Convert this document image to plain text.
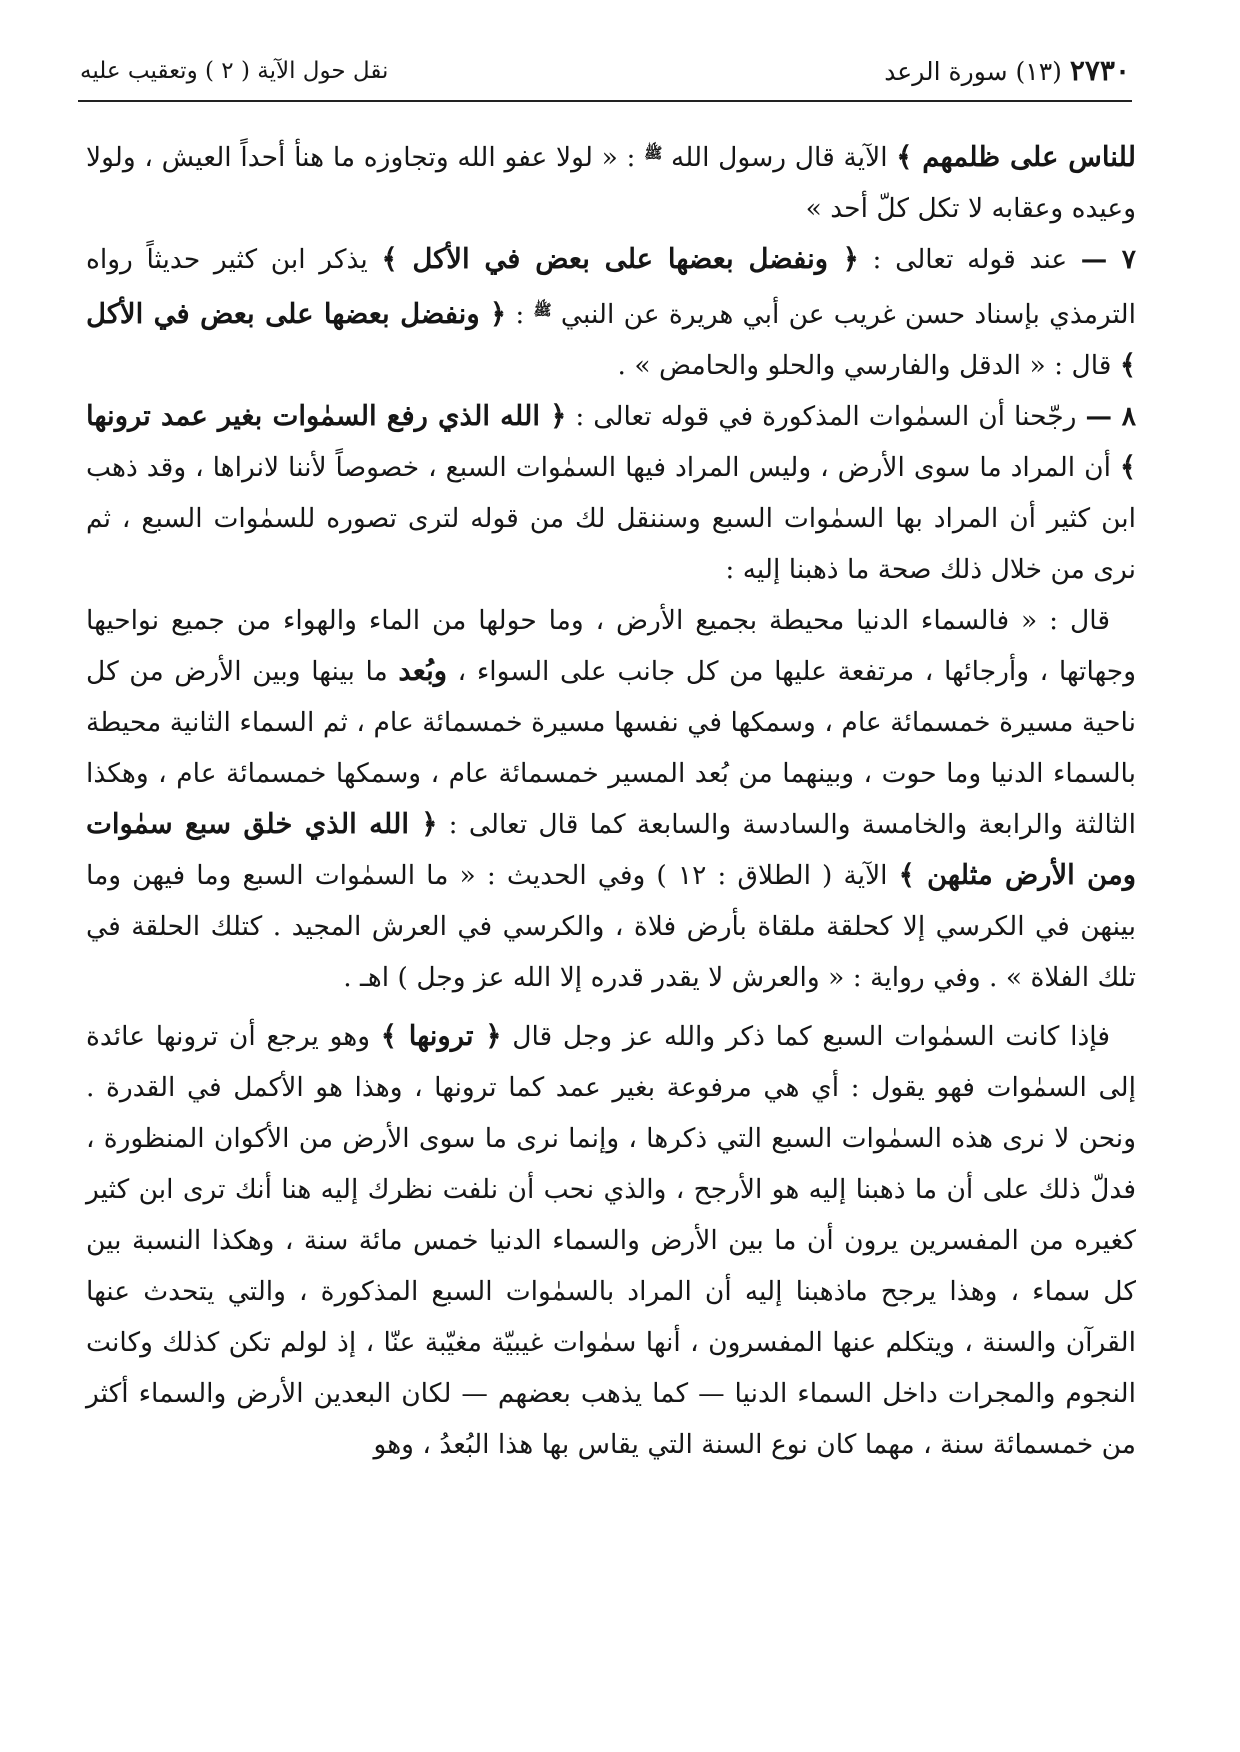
نقل حول الآية ( ٢ ) وتعقيب عليه	٢٧٣٠ (١٣) سورة الرعد

للناس على ظلمهم ﴾ الآية قال رسول الله $^ﷺ$ : « لولا عفو الله وتجاوزه ما هنأ أحداً العيش ، ولولا وعيده وعقابه لا تكل كلّ أحد »

٧ — عند قوله تعالى : ﴿ ونفضل بعضها على بعض في الأكل ﴾ يذكر ابن كثير حديثاً رواه الترمذي بإسناد حسن غريب عن أبي هريرة عن النبي $^ﷺ$ : ﴿ ونفضل بعضها على بعض في الأكل ﴾ قال : « الدقل والفارسي والحلو والحامض » .

٨ — رجّحنا أن السمٰوات المذكورة في قوله تعالى : ﴿ الله الذي رفع السمٰوات بغير عمد ترونها ﴾ أن المراد ما سوى الأرض ، وليس المراد فيها السمٰوات السبع ، خصوصاً لأننا لانراها ، وقد ذهب ابن كثير أن المراد بها السمٰوات السبع وسننقل لك من قوله لترى تصوره للسمٰوات السبع ، ثم نرى من خلال ذلك صحة ما ذهبنا إليه :

قال : « فالسماء الدنيا محيطة بجميع الأرض ، وما حولها من الماء والهواء من جميع نواحيها وجهاتها ، وأرجائها ، مرتفعة عليها من كل جانب على السواء ، وبُعد ما بينها وبين الأرض من كل ناحية مسيرة خمسمائة عام ، وسمكها في نفسها مسيرة خمسمائة عام ، ثم السماء الثانية محيطة بالسماء الدنيا وما حوت ، وبينهما من بُعد المسير خمسمائة عام ، وسمكها خمسمائة عام ، وهكذا الثالثة والرابعة والخامسة والسادسة والسابعة كما قال تعالى : ﴿ الله الذي خلق سبع سمٰوات ومن الأرض مثلهن ﴾ الآية ( الطلاق : ١٢ ) وفي الحديث : « ما السمٰوات السبع وما فيهن وما بينهن في الكرسي إلا كحلقة ملقاة بأرض فلاة ، والكرسي في العرش المجيد . كتلك الحلقة في تلك الفلاة » . وفي رواية : « والعرش لا يقدر قدره إلا الله عز وجل ) اهـ .

فإذا كانت السمٰوات السبع كما ذكر والله عز وجل قال ﴿ ترونها ﴾ وهو يرجع أن ترونها عائدة إلى السمٰوات فهو يقول : أي هي مرفوعة بغير عمد كما ترونها ، وهذا هو الأكمل في القدرة . ونحن لا نرى هذه السمٰوات السبع التي ذكرها ، وإنما نرى ما سوى الأرض من الأكوان المنظورة ، فدلّ ذلك على أن ما ذهبنا إليه هو الأرجح ، والذي نحب أن نلفت نظرك إليه هنا أنك ترى ابن كثير كغيره من المفسرين يرون أن ما بين الأرض والسماء الدنيا خمس مائة سنة ، وهكذا النسبة بين كل سماء ، وهذا يرجح ماذهبنا إليه أن المراد بالسمٰوات السبع المذكورة ، والتي يتحدث عنها القرآن والسنة ، ويتكلم عنها المفسرون ، أنها سمٰوات غيبيّة مغيّبة عنّا ، إذ لولم تكن كذلك وكانت النجوم والمجرات داخل السماء الدنيا — كما يذهب بعضهم — لكان البعدين الأرض والسماء أكثر من خمسمائة سنة ، مهما كان نوع السنة التي يقاس بها هذا البُعدُ ، وهو
